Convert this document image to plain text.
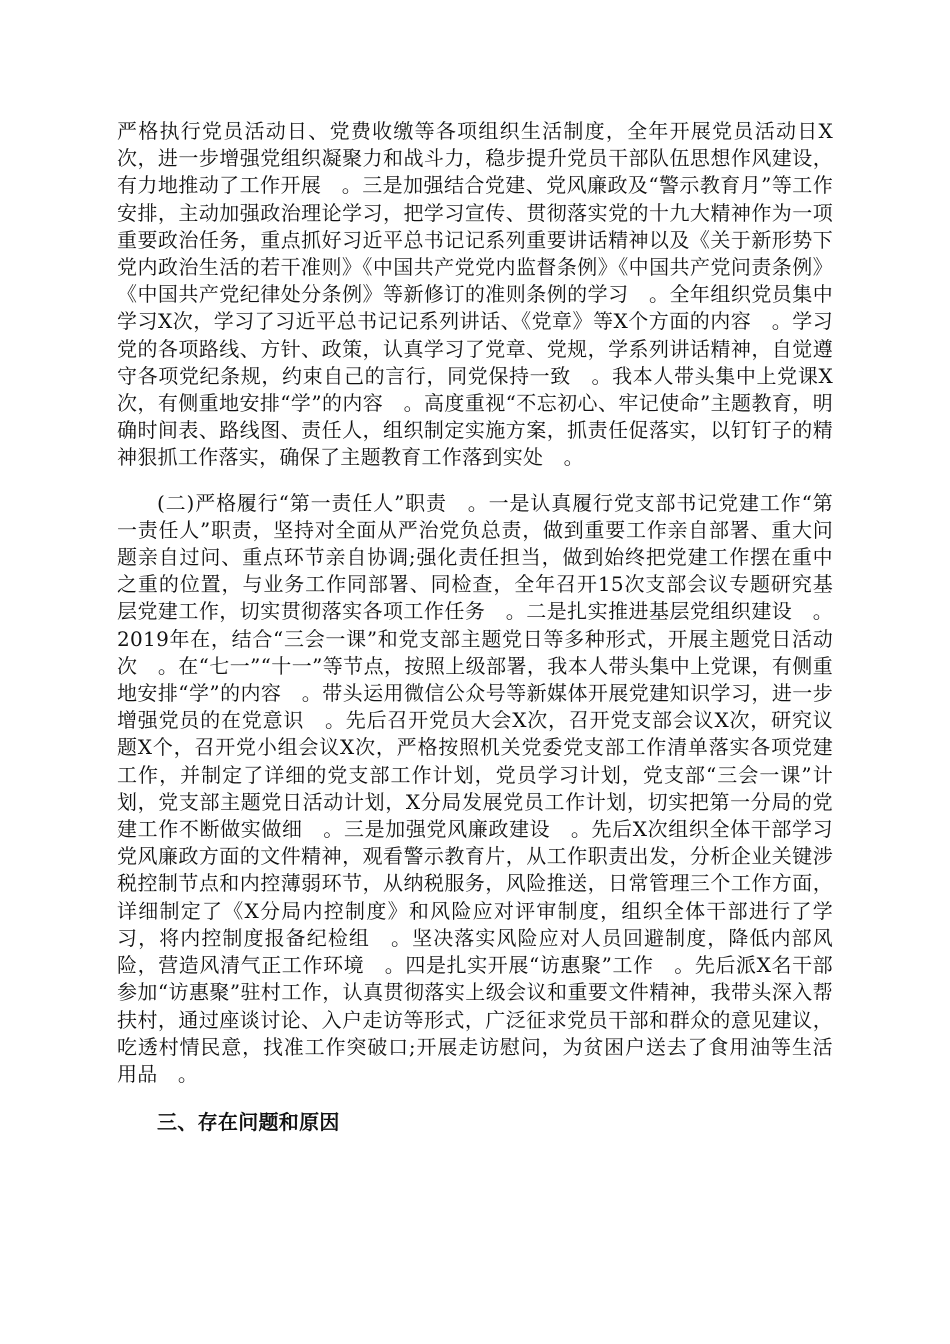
严格执行党员活动日、党费收缴等各项组织生活制度，全年开展党员活动日X次，进一步增强党组织凝聚力和战斗力，稳步提升党员干部队伍思想作风建设，有力地推动了工作开展　。三是加强结合党建、党风廉政及“警示教育月”等工作安排，主动加强政治理论学习，把学习宣传、贯彻落实党的十九大精神作为一项重要政治任务，重点抓好习近平总书记记系列重要讲话精神以及《关于新形势下党内政治生活的若干准则》《中国共产党党内监督条例》《中国共产党问责条例》《中国共产党纪律处分条例》等新修订的准则条例的学习　。全年组织党员集中学习X次，学习了习近平总书记记系列讲话、《党章》等X个方面的内容　。学习党的各项路线、方针、政策，认真学习了党章、党规，学系列讲话精神，自觉遵守各项党纪条规，约束自己的言行，同党保持一致　。我本人带头集中上党课X次，有侧重地安排“学”的内容　。高度重视“不忘初心、牢记使命”主题教育，明确时间表、路线图、责任人，组织制定实施方案，抓责任促落实，以钉钉子的精神狠抓工作落实，确保了主题教育工作落到实处　。

(二)严格履行“第一责任人”职责　。一是认真履行党支部书记党建工作“第一责任人”职责，坚持对全面从严治党负总责，做到重要工作亲自部署、重大问题亲自过问、重点环节亲自协调;强化责任担当，做到始终把党建工作摆在重中之重的位置，与业务工作同部署、同检查，全年召开15次支部会议专题研究基层党建工作，切实贯彻落实各项工作任务　。二是扎实推进基层党组织建设　。2019年在，结合“三会一课”和党支部主题党日等多种形式，开展主题党日活动次　。在“七一”“十一”等节点，按照上级部署，我本人带头集中上党课，有侧重地安排“学”的内容　。带头运用微信公众号等新媒体开展党建知识学习，进一步增强党员的在党意识　。先后召开党员大会X次，召开党支部会议X次，研究议题X个，召开党小组会议X次，严格按照机关党委党支部工作清单落实各项党建工作，并制定了详细的党支部工作计划，党员学习计划，党支部“三会一课”计划，党支部主题党日活动计划，X分局发展党员工作计划，切实把第一分局的党建工作不断做实做细　。三是加强党风廉政建设　。先后X次组织全体干部学习党风廉政方面的文件精神，观看警示教育片，从工作职责出发，分析企业关键涉税控制节点和内控薄弱环节，从纳税服务，风险推送，日常管理三个工作方面，详细制定了《X分局内控制度》和风险应对评审制度，组织全体干部进行了学习，将内控制度报备纪检组　。坚决落实风险应对人员回避制度，降低内部风险，营造风清气正工作环境　。四是扎实开展“访惠聚”工作　。先后派X名干部参加“访惠聚”驻村工作，认真贯彻落实上级会议和重要文件精神，我带头深入帮扶村，通过座谈讨论、入户走访等形式，广泛征求党员干部和群众的意见建议，吃透村情民意，找准工作突破口;开展走访慰问，为贫困户送去了食用油等生活用品　。

三、存在问题和原因
